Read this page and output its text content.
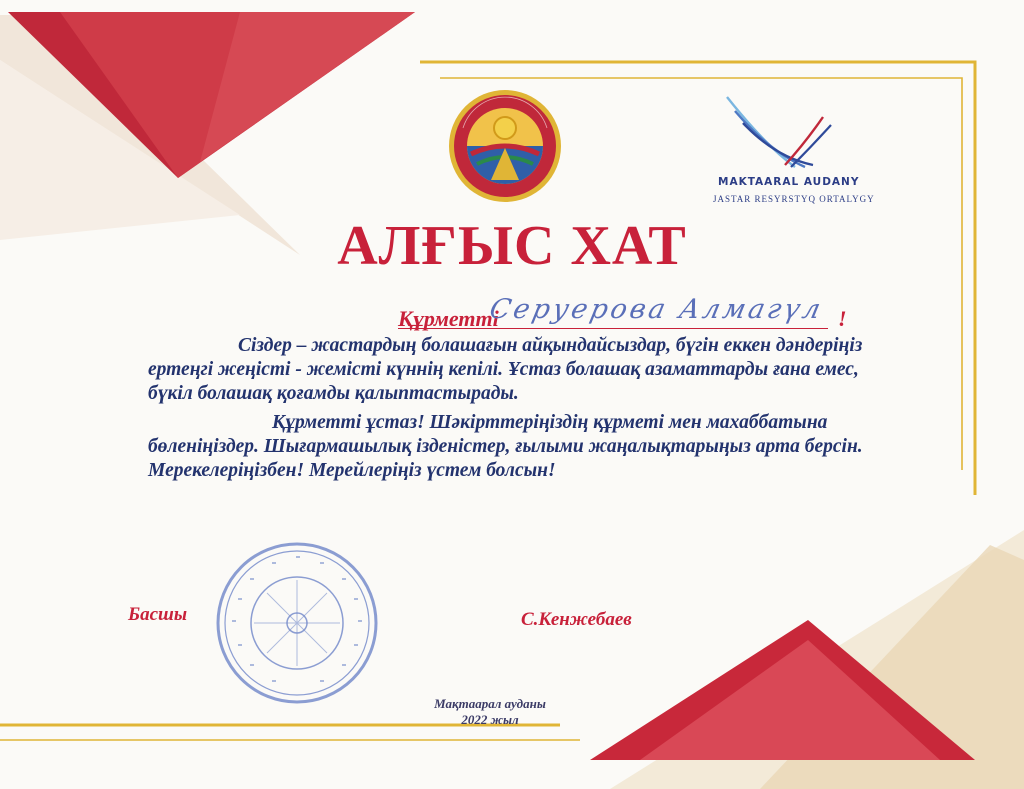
MAKTAARAL AUDANY
JASTAR RESYRSTYQ ORTALYGY
АЛҒЫС ХАТ
Құрметті
Серуерова Алмагүл !
Сіздер – жастардың болашағын айқындайсыздар, бүгін еккен дәндеріңіз
ертеңгі жеңісті - жемісті күннің кепілі. Ұстаз болашақ азаматтарды ғана емес,
бүкіл болашақ қоғамды қалыптастырады.
Құрметті ұстаз! Шәкірттеріңіздің құрметі мен махаббатына
бөленіңіздер. Шығармашылық ізденістер, ғылыми жаңалықтарыңыз арта берсін.
Мерекелеріңізбен! Мерейлеріңіз үстем болсын!
Басшы	С.Кенжебаев
Мақтаарал ауданы
2022 жыл
